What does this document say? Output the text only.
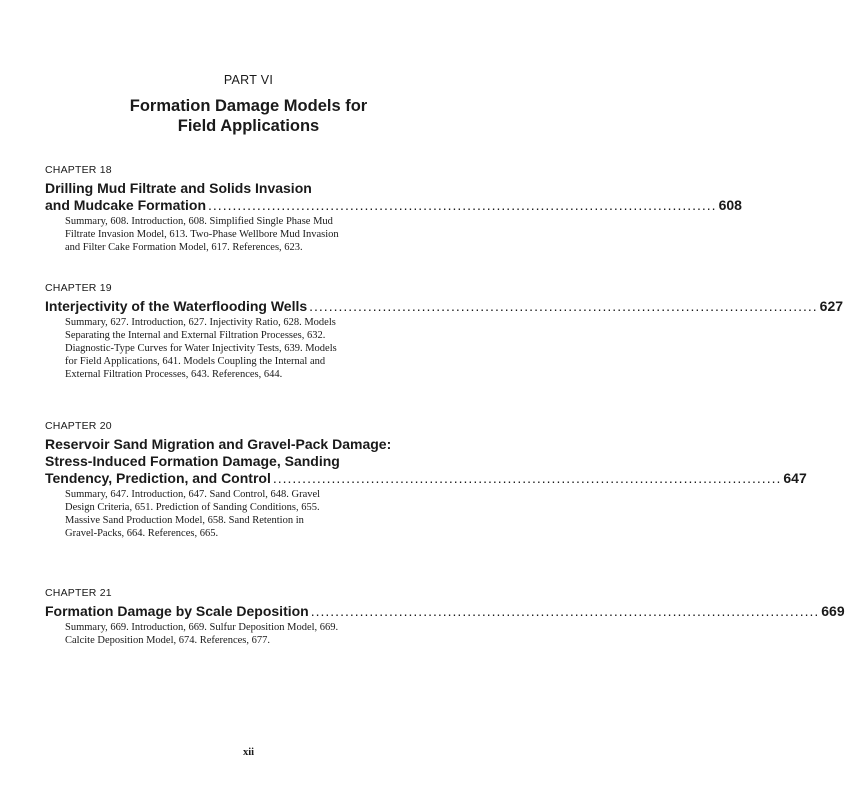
PART VI
Formation Damage Models for
Field Applications
CHAPTER 18
Drilling Mud Filtrate and Solids Invasion
and Mudcake Formation ........................................................................................................ 608
Summary, 608. Introduction, 608. Simplified Single Phase Mud
Filtrate Invasion Model, 613. Two-Phase Wellbore Mud Invasion
and Filter Cake Formation Model, 617. References, 623.
CHAPTER 19
Interjectivity of the Waterflooding Wells ........................................................................................................ 627
Summary, 627. Introduction, 627. Injectivity Ratio, 628. Models
Separating the Internal and External Filtration Processes, 632.
Diagnostic-Type Curves for Water Injectivity Tests, 639. Models
for Field Applications, 641. Models Coupling the Internal and
External Filtration Processes, 643. References, 644.
CHAPTER 20
Reservoir Sand Migration and Gravel-Pack Damage:
Stress-Induced Formation Damage, Sanding
Tendency, Prediction, and Control ........................................................................................................ 647
Summary, 647. Introduction, 647. Sand Control, 648. Gravel
Design Criteria, 651. Prediction of Sanding Conditions, 655.
Massive Sand Production Model, 658. Sand Retention in
Gravel-Packs, 664. References, 665.
CHAPTER 21
Formation Damage by Scale Deposition ........................................................................................................ 669
Summary, 669. Introduction, 669. Sulfur Deposition Model, 669.
Calcite Deposition Model, 674. References, 677.
xii
